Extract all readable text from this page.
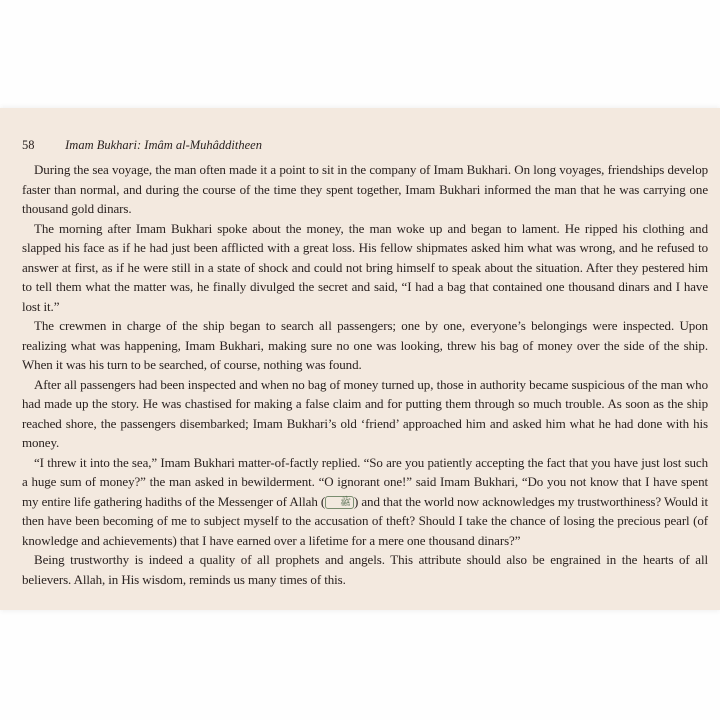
58 Imam Bukhari: Imâm al-Muhâdditheen

During the sea voyage, the man often made it a point to sit in the company of Imam Bukhari. On long voyages, friendships develop faster than normal, and during the course of the time they spent together, Imam Bukhari informed the man that he was carrying one thousand gold dinars.

The morning after Imam Bukhari spoke about the money, the man woke up and began to lament. He ripped his clothing and slapped his face as if he had just been afflicted with a great loss. His fellow shipmates asked him what was wrong, and he refused to answer at first, as if he were still in a state of shock and could not bring himself to speak about the situation. After they pestered him to tell them what the matter was, he finally divulged the secret and said, “I had a bag that contained one thousand dinars and I have lost it.”

The crewmen in charge of the ship began to search all passengers; one by one, everyone’s belongings were inspected. Upon realizing what was happening, Imam Bukhari, making sure no one was looking, threw his bag of money over the side of the ship. When it was his turn to be searched, of course, nothing was found.

After all passengers had been inspected and when no bag of money turned up, those in authority became suspicious of the man who had made up the story. He was chastised for making a false claim and for putting them through so much trouble. As soon as the ship reached shore, the passengers disembarked; Imam Bukhari’s old ‘friend’ approached him and asked him what he had done with his money.

“I threw it into the sea,” Imam Bukhari matter-of-factly replied. “So are you patiently accepting the fact that you have just lost such a huge sum of money?” the man asked in bewilderment. “O ignorant one!” said Imam Bukhari, “Do you not know that I have spent my entire life gathering hadiths of the Messenger of Allah ( ﷺ ) and that the world now acknowledges my trustworthiness? Would it then have been becoming of me to subject myself to the accusation of theft? Should I take the chance of losing the precious pearl (of knowledge and achievements) that I have earned over a lifetime for a mere one thousand dinars?”

Being trustworthy is indeed a quality of all prophets and angels. This attribute should also be engrained in the hearts of all believers. Allah, in His wisdom, reminds us many times of this.
